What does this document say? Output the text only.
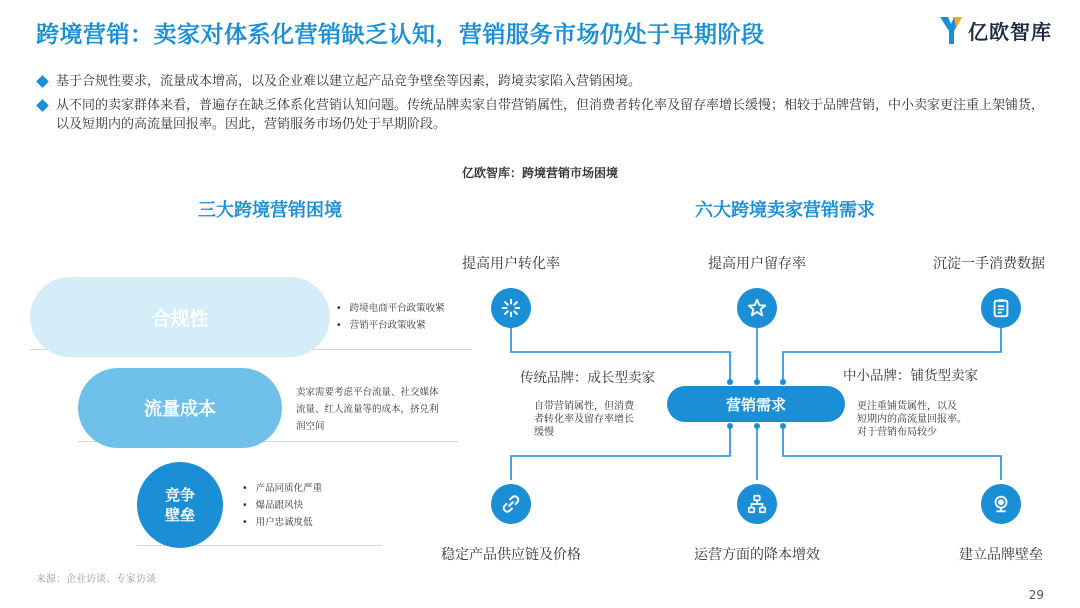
跨境营销：卖家对体系化营销缺乏认知，营销服务市场仍处于早期阶段	亿欧智库
基于合规性要求，流量成本增高，以及企业难以建立起产品竞争壁垒等因素，跨境卖家陷入营销困境。
从不同的卖家群体来看，普遍存在缺乏体系化营销认知问题。传统品牌卖家自带营销属性，但消费者转化率及留存率增长缓慢；相较于品牌营销，中小卖家更注重上架铺货，以及短期内的高流量回报率。因此，营销服务市场仍处于早期阶段。
亿欧智库：跨境营销市场困境
三大跨境营销困境	六大跨境卖家营销需求
合规性
•	跨境电商平台政策收紧
• 营销平台政策收紧
流量成本
卖家需要考虑平台流量、社交媒体流量、红人流量等的成本，挤兑利润空间
竞争
壁垒
• 产品同质化严重
• 爆品跟风快
• 用户忠诚度低
提高用户转化率	提高用户留存率	沉淀一手消费数据
传统品牌：成长型卖家
自带营销属性，但消费
者转化率及留存率增长
缓慢
营销需求
中小品牌：铺货型卖家
更注重铺货属性，以及
短期内的高流量回报率。
对于营销布局较少
稳定产品供应链及价格	运营方面的降本增效	建立品牌壁垒
来源：企业访谈、专家访谈
29
